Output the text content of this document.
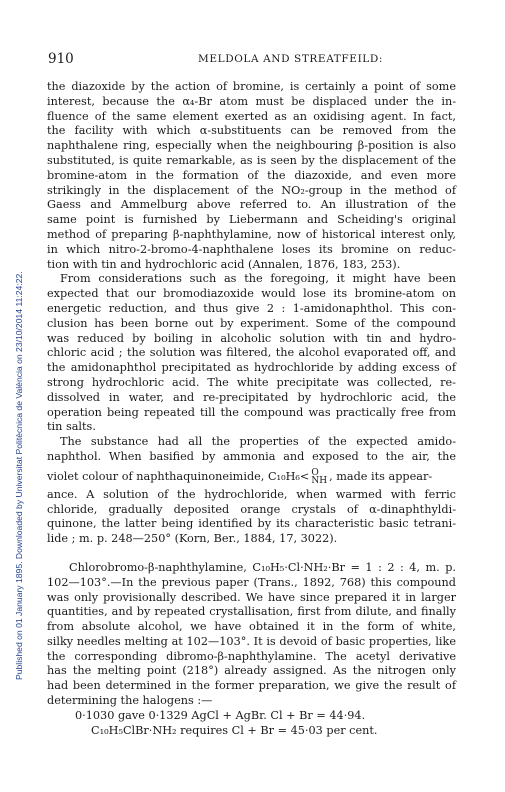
Published on 01 January 1895. Downloaded by Universitat Politècnica de València on 23/10/2014 11:24:22.
910	MELDOLA AND STREATFEILD:
the diazoxide by the action of bromine, is certainly a point of some
interest, because the α₄-Br atom must be displaced under the in-
fluence of the same element exerted as an oxidising agent. In fact,
the facility with which α-substituents can be removed from the
naphthalene ring, especially when the neighbouring β-position is also
substituted, is quite remarkable, as is seen by the displacement of the
bromine-atom in the formation of the diazoxide, and even more
strikingly in the displacement of the NO₂-group in the method of
Gaess and Ammelburg above referred to. An illustration of the
same point is furnished by Liebermann and Scheiding's original
method of preparing β-naphthylamine, now of historical interest only,
in which nitro-2-bromo-4-naphthalene loses its bromine on reduc-
tion with tin and hydrochloric acid (Annalen, 1876, 183, 253).
From considerations such as the foregoing, it might have been
expected that our bromodiazoxide would lose its bromine-atom on
energetic reduction, and thus give 2 : 1-amidonaphthol. This con-
clusion has been borne out by experiment. Some of the compound
was reduced by boiling in alcoholic solution with tin and hydro-
chloric acid ; the solution was filtered, the alcohol evaporated off, and
the amidonaphthol precipitated as hydrochloride by adding excess of
strong hydrochloric acid. The white precipitate was collected, re-
dissolved in water, and re-precipitated by hydrochloric acid, the
operation being repeated till the compound was practically free from
tin salts.
The substance had all the properties of the expected amido-
naphthol. When basified by ammonia and exposed to the air, the
violet colour of naphthaquinoneimide, C₁₀H₆< O
NH , made its appear-
ance. A solution of the hydrochloride, when warmed with ferric
chloride, gradually deposited orange crystals of α-dinaphthyldi-
quinone, the latter being identified by its characteristic basic tetrani-
lide ; m. p. 248—250° (Korn, Ber., 1884, 17, 3022).
Chlorobromo-β-naphthylamine, C₁₀H₅·Cl·NH₂·Br = 1 : 2 : 4, m. p.
102—103°.—In the previous paper (Trans., 1892, 768) this compound
was only provisionally described. We have since prepared it in larger
quantities, and by repeated crystallisation, first from dilute, and finally
from absolute alcohol, we have obtained it in the form of white,
silky needles melting at 102—103°. It is devoid of basic properties, like
the corresponding dibromo-β-naphthylamine. The acetyl derivative
has the melting point (218°) already assigned. As the nitrogen only
had been determined in the former preparation, we give the result of
determining the halogens :—
0·1030 gave 0·1329 AgCl + AgBr. Cl + Br = 44·94.
C₁₀H₅ClBr·NH₂ requires Cl + Br = 45·03 per cent.
